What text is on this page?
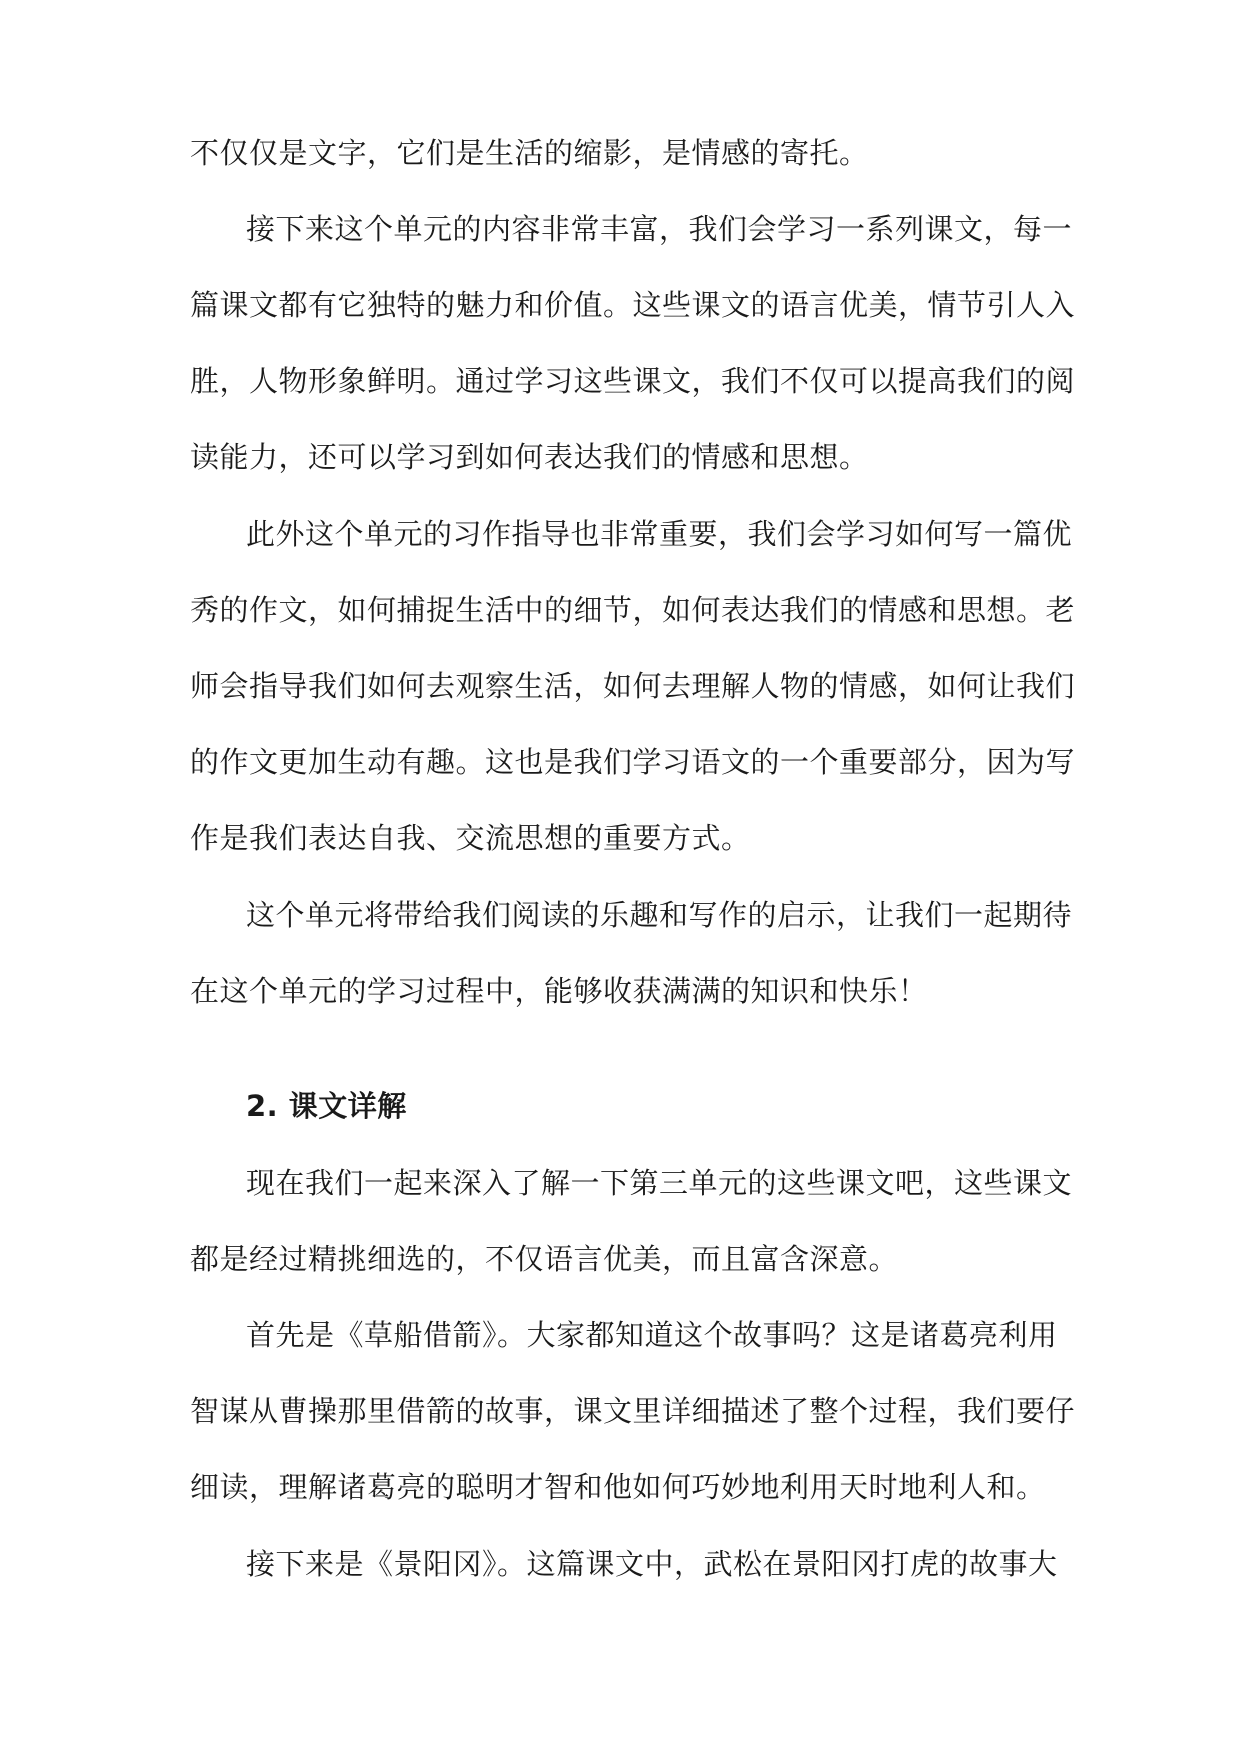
不仅仅是文字，它们是生活的缩影，是情感的寄托。
接下来这个单元的内容非常丰富，我们会学习一系列课文，每一
篇课文都有它独特的魅力和价值。这些课文的语言优美，情节引人入
胜，人物形象鲜明。通过学习这些课文，我们不仅可以提高我们的阅
读能力，还可以学习到如何表达我们的情感和思想。
此外这个单元的习作指导也非常重要，我们会学习如何写一篇优
秀的作文，如何捕捉生活中的细节，如何表达我们的情感和思想。老
师会指导我们如何去观察生活，如何去理解人物的情感，如何让我们
的作文更加生动有趣。这也是我们学习语文的一个重要部分，因为写
作是我们表达自我、交流思想的重要方式。
这个单元将带给我们阅读的乐趣和写作的启示，让我们一起期待
在这个单元的学习过程中，能够收获满满的知识和快乐！
2. 课文详解
现在我们一起来深入了解一下第三单元的这些课文吧，这些课文
都是经过精挑细选的，不仅语言优美，而且富含深意。
首先是《草船借箭》。大家都知道这个故事吗？这是诸葛亮利用
智谋从曹操那里借箭的故事，课文里详细描述了整个过程，我们要仔
细读，理解诸葛亮的聪明才智和他如何巧妙地利用天时地利人和。
接下来是《景阳冈》。这篇课文中，武松在景阳冈打虎的故事大
